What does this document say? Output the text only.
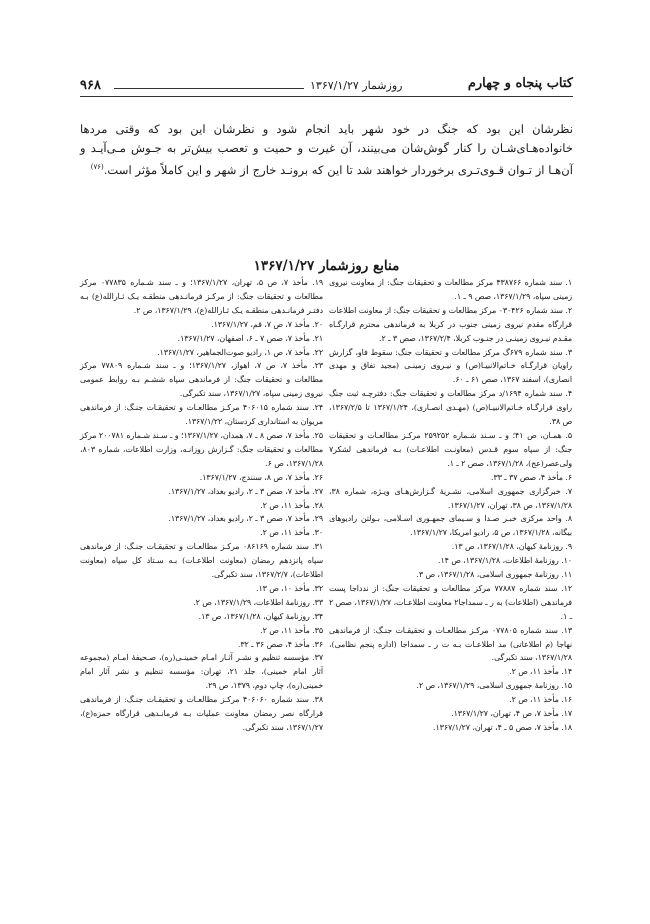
۹۶۸	روزشمار ۱۳۶۷/۱/۲۷	کتاب پنجاه و چهارم

نظرشان این بود که جنگ در خود شهر باید انجام شود و نظرشان این بود که وقتی مردها خانواده‌هـای‌شـان را کنار گوش‌شان می‌بینند، آن غیرت و حمیت و تعصب بیش‌تر به جـوش مـی‌آیـد و آن‌هـا از تـوان قـوی‌تـری برخوردار خواهند شد تا این که برونـد خارج از شهر و این کاملاً مؤثر است.$^{(۷۶)}$

منابع روزشمار ۱۳۶۷/۱/۲۷
۱. سند شماره ۴۳۸۷۶۶ مرکز مطالعات و تحقیقات جنگ: از معاونت نیروی زمینی سپاه، ۱۳۶۷/۱/۲۹، صص ۹ ـ ۱.
۲. سند شماره ۰۳۰۴۲۶ مرکز مطالعات و تحقیقات جنگ: از معاونت اطلاعات قرارگاه مقدم نیروی زمینی جنوب در کربلا به فرماندهی محترم قرارگـاه مقـدم نیـروی زمینـی در جنـوب کربلا، ۱۳۶۷/۲/۴، صص ۳ ـ ۲.
۳. سند شماره ۶۷۹گ مرکز مطالعات و تحقیقات جنگ: سقوط فاو، گزارش راویان قرارگـاه خـاتم‌الانبیـا(ص) و نیـروی زمینـی (مجید تفاق و مهدی انصاری)، اسفند ۱۳۶۷، صص ۶۱ ـ ۶۰.
۴. سند شماره ۱۶۹۴/د مرکز مطالعات و تحقیقات جنگ: دفترچـه ثبت جنگ راوی قرارگـاه خـاتم‌الانبیـا(ص) (مهـدی انصـاری)، ۱۳۶۷/۱/۲۴ تا ۱۳۶۷/۲/۵، ص ۳۸.
۵. همـان، ص ۴۱؛ و ـ سـند شـماره ۲۵۹۲۵۲ مرکـز مطالعـات و تحقیقات جنگ: از سپاه سوم قـدس (معاونـت اطلاعـات) بـه فرماندهی لشکر۷ ولی‌عصر(عج)، ۱۳۶۷/۱/۲۸، صص ۲ ـ ۱.
۶. مأخذ ۴، صص ۳۷ ـ ۳۳.
۷. خبرگزاری جمهوری اسلامی، نشـریهٔ گـزارش‌هـای ویـژه، شماره ۳۸، ۱۳۶۷/۱/۲۸، ص ۳۸، تهران، ۱۳۶۷/۱/۲۷.
۸. واحد مرکزی خبـر صـدا و سـیمای جمهـوری اسـلامی، بـولتن رادیوهای بیگانه، ۱۳۶۷/۱/۲۸، ص ۵، رادیو امریکا، ۱۳۶۷/۱/۲۷.
۹. روزنامهٔ کیهان، ۱۳۶۷/۱/۲۸، ص ۱۳.
۱۰. روزنامهٔ اطلاعات، ۱۳۶۷/۱/۲۸، ص ۱۴.
۱۱. روزنامهٔ جمهوری اسلامی، ۱۳۶۷/۱/۲۸، ص ۳.
۱۲. سند شماره ۷۷۸۸۷ مرکز مطالعات و تحقیقات جنگ: از ندداجا پست فرماندهی (اطلاعات) به ر ـ سمداجا۲ معاونت اطلاعـات، ۱۳۶۷/۱/۲۷، صص ۲ ـ ۱.
۱۳. سند شماره ۰۷۷۸۰۵ مرکـز مطالعـات و تحقیقـات جنـگ: از فرماندهی نهاجا (م اطلاعاتی) مد اطلاعـات بـه ت ر ـ سمداجا (اداره پنجم نظامی)، ۱۳۶۷/۱/۲۸، سند تکبرگی.
۱۴. مأخذ ۱۱، ص ۲.
۱۵. روزنامهٔ جمهوری اسلامی، ۱۳۶۷/۱/۲۹، ص ۲.
۱۶. مأخذ ۱۱، ص ۲.
۱۷. مأخذ ۷، ص ۴، تهران، ۱۳۶۷/۱/۲۷.
۱۸. مأخذ ۷، صص ۵ ـ ۴، تهران، ۱۳۶۷/۱/۲۷.
۱۹. مأخذ ۷، ص ۵، تهران، ۱۳۶۷/۱/۲۷؛ و ـ سند شـماره ۰۷۷۸۳۵ مرکز مطالعات و تحقیقات جنگ: از مرکـز فرمانـدهی منطقـه یـک ثـارالله(ع) بـه دفتـر فرمانـدهی منطقـه یـک ثـارالله(ع)، ۱۳۶۷/۱/۲۹، ص ۲.
۲۰. مأخذ ۷، ص ۷، قم، ۱۳۶۷/۱/۲۷.
۲۱. مأخذ ۷، صص ۷ ـ ۶، اصفهان، ۱۳۶۷/۱/۲۷.
۲۲. مأخذ ۷، ص ۱، رادیو صوت‌الجماهیر، ۱۳۶۷/۱/۲۷.
۲۳. مأخذ ۷، ص ۷، اهواز، ۱۳۶۷/۱/۲۷؛ و ـ سند شـماره ۷۷۸۰۹ مرکز مطالعات و تحقیقات جنگ: از فرماندهی سپاه ششـم بـه روابط عمومی نیروی زمینی سپاه، ۱۳۶۷/۱/۲۷، سند تکبرگی.
۲۴. سند شماره ۴۰۶۰۱۵ مرکـز مطالعـات و تحقیقـات جنـگ: از فرماندهی مریوان به استانداری کردستان، ۱۳۶۷/۱/۲۲.
۲۵. مأخذ ۷، صص ۸ ـ ۷، همدان، ۱۳۶۷/۱/۲۷؛ و ـ سـند شـماره ۲۰۰۷۸۱ مرکز مطالعات و تحقیقات جنگ: گـزارش روزانـه، وزارت اطلاعات، شماره ۸۰۳، ۱۳۶۷/۱/۲۸، ص ۶.
۲۶. مأخذ ۷، ص ۸، سنندج، ۱۳۶۷/۱/۲۷.
۲۷. مأخذ ۷، صص ۳ ـ ۲، رادیو بغداد، ۱۳۶۷/۱/۲۷.
۲۸. مأخذ ۱۱، ص ۲.
۲۹. مأخذ ۷، صص ۳ ـ ۲، رادیو بغداد، ۱۳۶۷/۱/۲۷.
۳۰. مأخذ ۱۱، ص ۲.
۳۱. سند شماره ۰۸۶۱۶۹ مرکـز مطالعـات و تحقیقـات جنـگ: از فرماندهی سپاه پانزدهم رمضان (معاونت اطلاعـات) بـه سـتاد کل سپاه (معاونت اطلاعات)، ۱۳۶۷/۲/۷، سند تکبرگی.
۳۲. مأخذ ۱۰، ص ۱۳.
۳۳. روزنامهٔ اطلاعات، ۱۳۶۷/۱/۲۹، ص ۲.
۳۴. روزنامهٔ کیهان، ۱۳۶۷/۱/۲۸، ص ۱۳.
۳۵. مأخذ ۱۱، ص ۲.
۳۶. مأخذ ۴، صص ۳۶ ـ ۳۲.
۳۷. مؤسسه تنظیم و نشـر آثـار امـام خمینـی(ره)، صـحیفهٔ امـام (مجموعه آثار امام خمینی)، جلد ۲۱، تهران: مؤسسه تنظیم و نشر آثار امام خمینی(ره)، چاپ دوم، ۱۳۷۹، ص ۲۹.
۳۸. سند شماره ۴۰۶۰۶۰ مرکـز مطالعـات و تحقیقـات جنـگ: از فرماندهی قرارگاه نصر رمضان معاونت عملیات بـه فرمانـدهی قرارگاه حمزه(ع)، ۱۳۶۷/۱/۲۷، سند تکبرگی.
